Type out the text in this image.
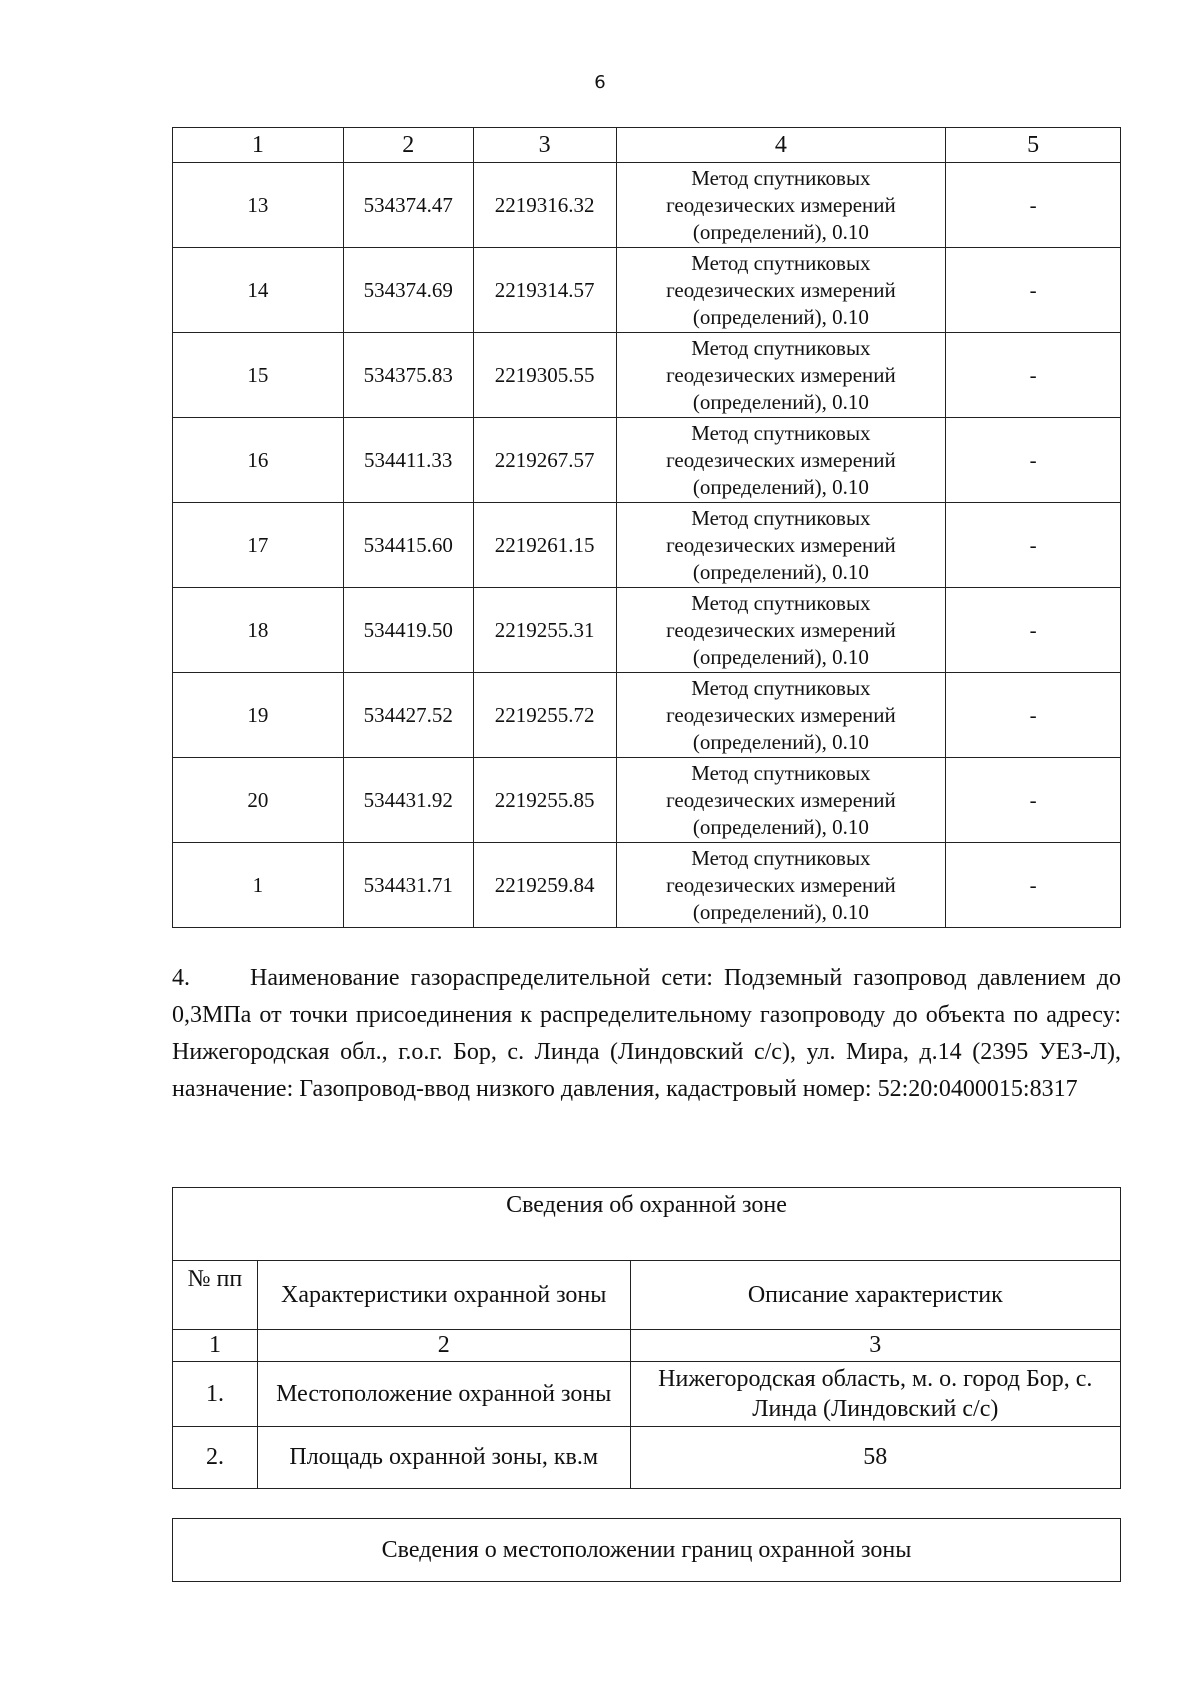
6
1	2	3	4	5
13	534374.47	2219316.32	Метод спутниковых
геодезических измерений
(определений), 0.10	-
14	534374.69	2219314.57	Метод спутниковых
геодезических измерений
(определений), 0.10	-
15	534375.83	2219305.55	Метод спутниковых
геодезических измерений
(определений), 0.10	-
16	534411.33	2219267.57	Метод спутниковых
геодезических измерений
(определений), 0.10	-
17	534415.60	2219261.15	Метод спутниковых
геодезических измерений
(определений), 0.10	-
18	534419.50	2219255.31	Метод спутниковых
геодезических измерений
(определений), 0.10	-
19	534427.52	2219255.72	Метод спутниковых
геодезических измерений
(определений), 0.10	-
20	534431.92	2219255.85	Метод спутниковых
геодезических измерений
(определений), 0.10	-
1	534431.71	2219259.84	Метод спутниковых
геодезических измерений
(определений), 0.10	-

4.	Наименование газораспределительной сети: Подземный газопровод давлением до 0,3МПа от точки присоединения к распределительному газопроводу до объекта по адресу: Нижегородская обл., г.о.г. Бор, с. Линда (Линдовский с/с), ул. Мира, д.14 (2395 УЕЗ-Л), назначение: Газопровод-ввод низкого давления, кадастровый номер: 52:20:0400015:8317

Сведения об охранной зоне		
№ пп	Характеристики охранной зоны	Описание характеристик
1	2	3
1.	Местоположение охранной зоны	Нижегородская область, м. о. город Бор, с. Линда (Линдовский с/с)
2.	Площадь охранной зоны, кв.м	58
Сведения о местоположении границ охранной зоны
